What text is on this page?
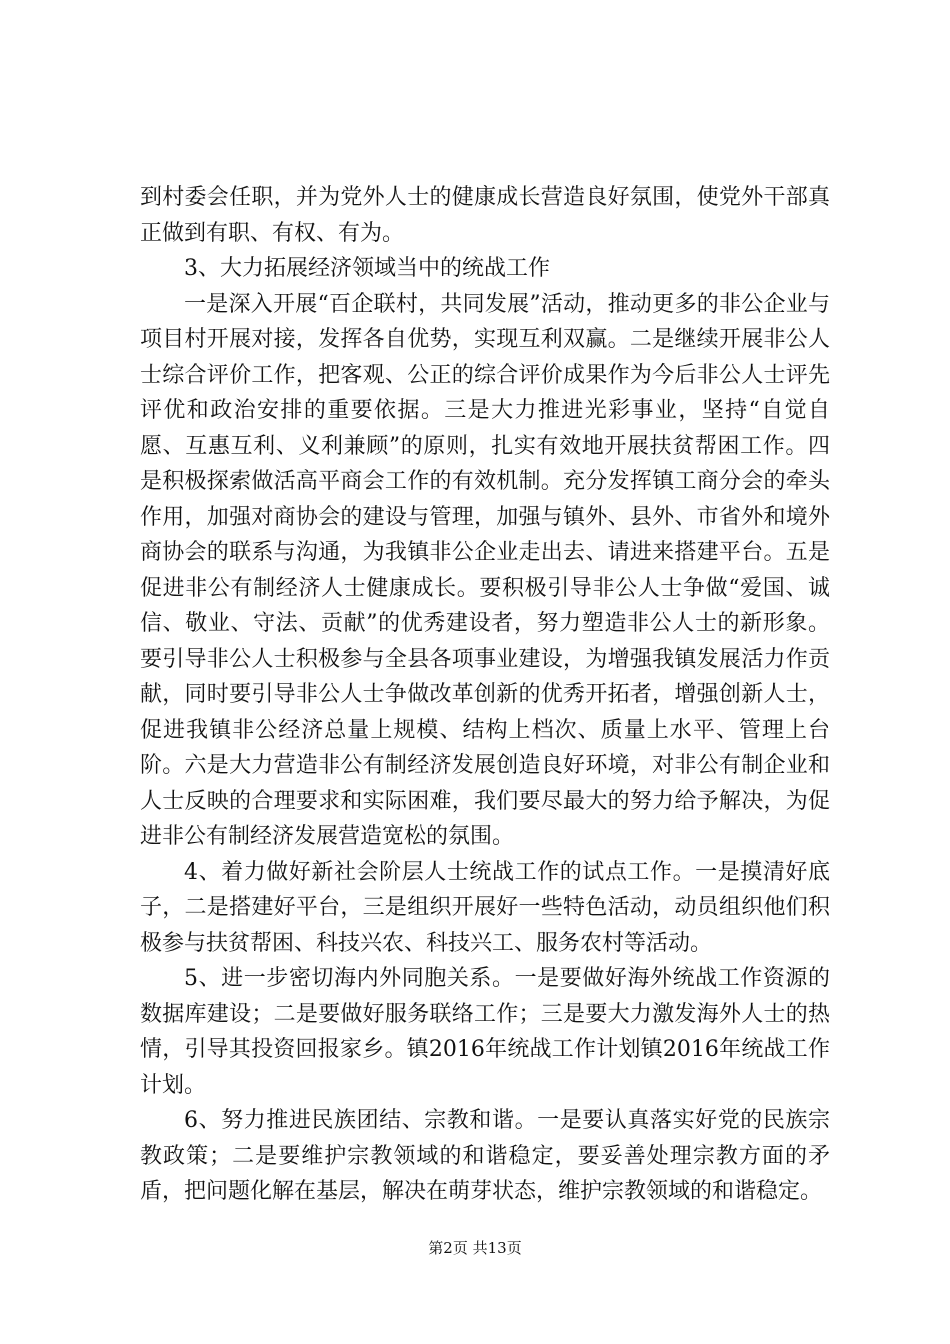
到村委会任职，并为党外人士的健康成长营造良好氛围，使党外干部真正做到有职、有权、有为。

3、大力拓展经济领域当中的统战工作

一是深入开展“百企联村，共同发展”活动，推动更多的非公企业与项目村开展对接，发挥各自优势，实现互利双赢。二是继续开展非公人士综合评价工作，把客观、公正的综合评价成果作为今后非公人士评先评优和政治安排的重要依据。三是大力推进光彩事业，坚持“自觉自愿、互惠互利、义利兼顾”的原则，扎实有效地开展扶贫帮困工作。四是积极探索做活高平商会工作的有效机制。充分发挥镇工商分会的牵头作用，加强对商协会的建设与管理，加强与镇外、县外、市省外和境外商协会的联系与沟通，为我镇非公企业走出去、请进来搭建平台。五是促进非公有制经济人士健康成长。要积极引导非公人士争做“爱国、诚信、敬业、守法、贡献”的优秀建设者，努力塑造非公人士的新形象。要引导非公人士积极参与全县各项事业建设，为增强我镇发展活力作贡献，同时要引导非公人士争做改革创新的优秀开拓者，增强创新人士，促进我镇非公经济总量上规模、结构上档次、质量上水平、管理上台阶。六是大力营造非公有制经济发展创造良好环境，对非公有制企业和人士反映的合理要求和实际困难，我们要尽最大的努力给予解决，为促进非公有制经济发展营造宽松的氛围。

4、着力做好新社会阶层人士统战工作的试点工作。一是摸清好底子，二是搭建好平台，三是组织开展好一些特色活动，动员组织他们积极参与扶贫帮困、科技兴农、科技兴工、服务农村等活动。

5、进一步密切海内外同胞关系。一是要做好海外统战工作资源的数据库建设；二是要做好服务联络工作；三是要大力激发海外人士的热情，引导其投资回报家乡。镇2016年统战工作计划镇2016年统战工作计划。

6、努力推进民族团结、宗教和谐。一是要认真落实好党的民族宗教政策；二是要维护宗教领域的和谐稳定，要妥善处理宗教方面的矛盾，把问题化解在基层，解决在萌芽状态，维护宗教领域的和谐稳定。

第2页 共13页
